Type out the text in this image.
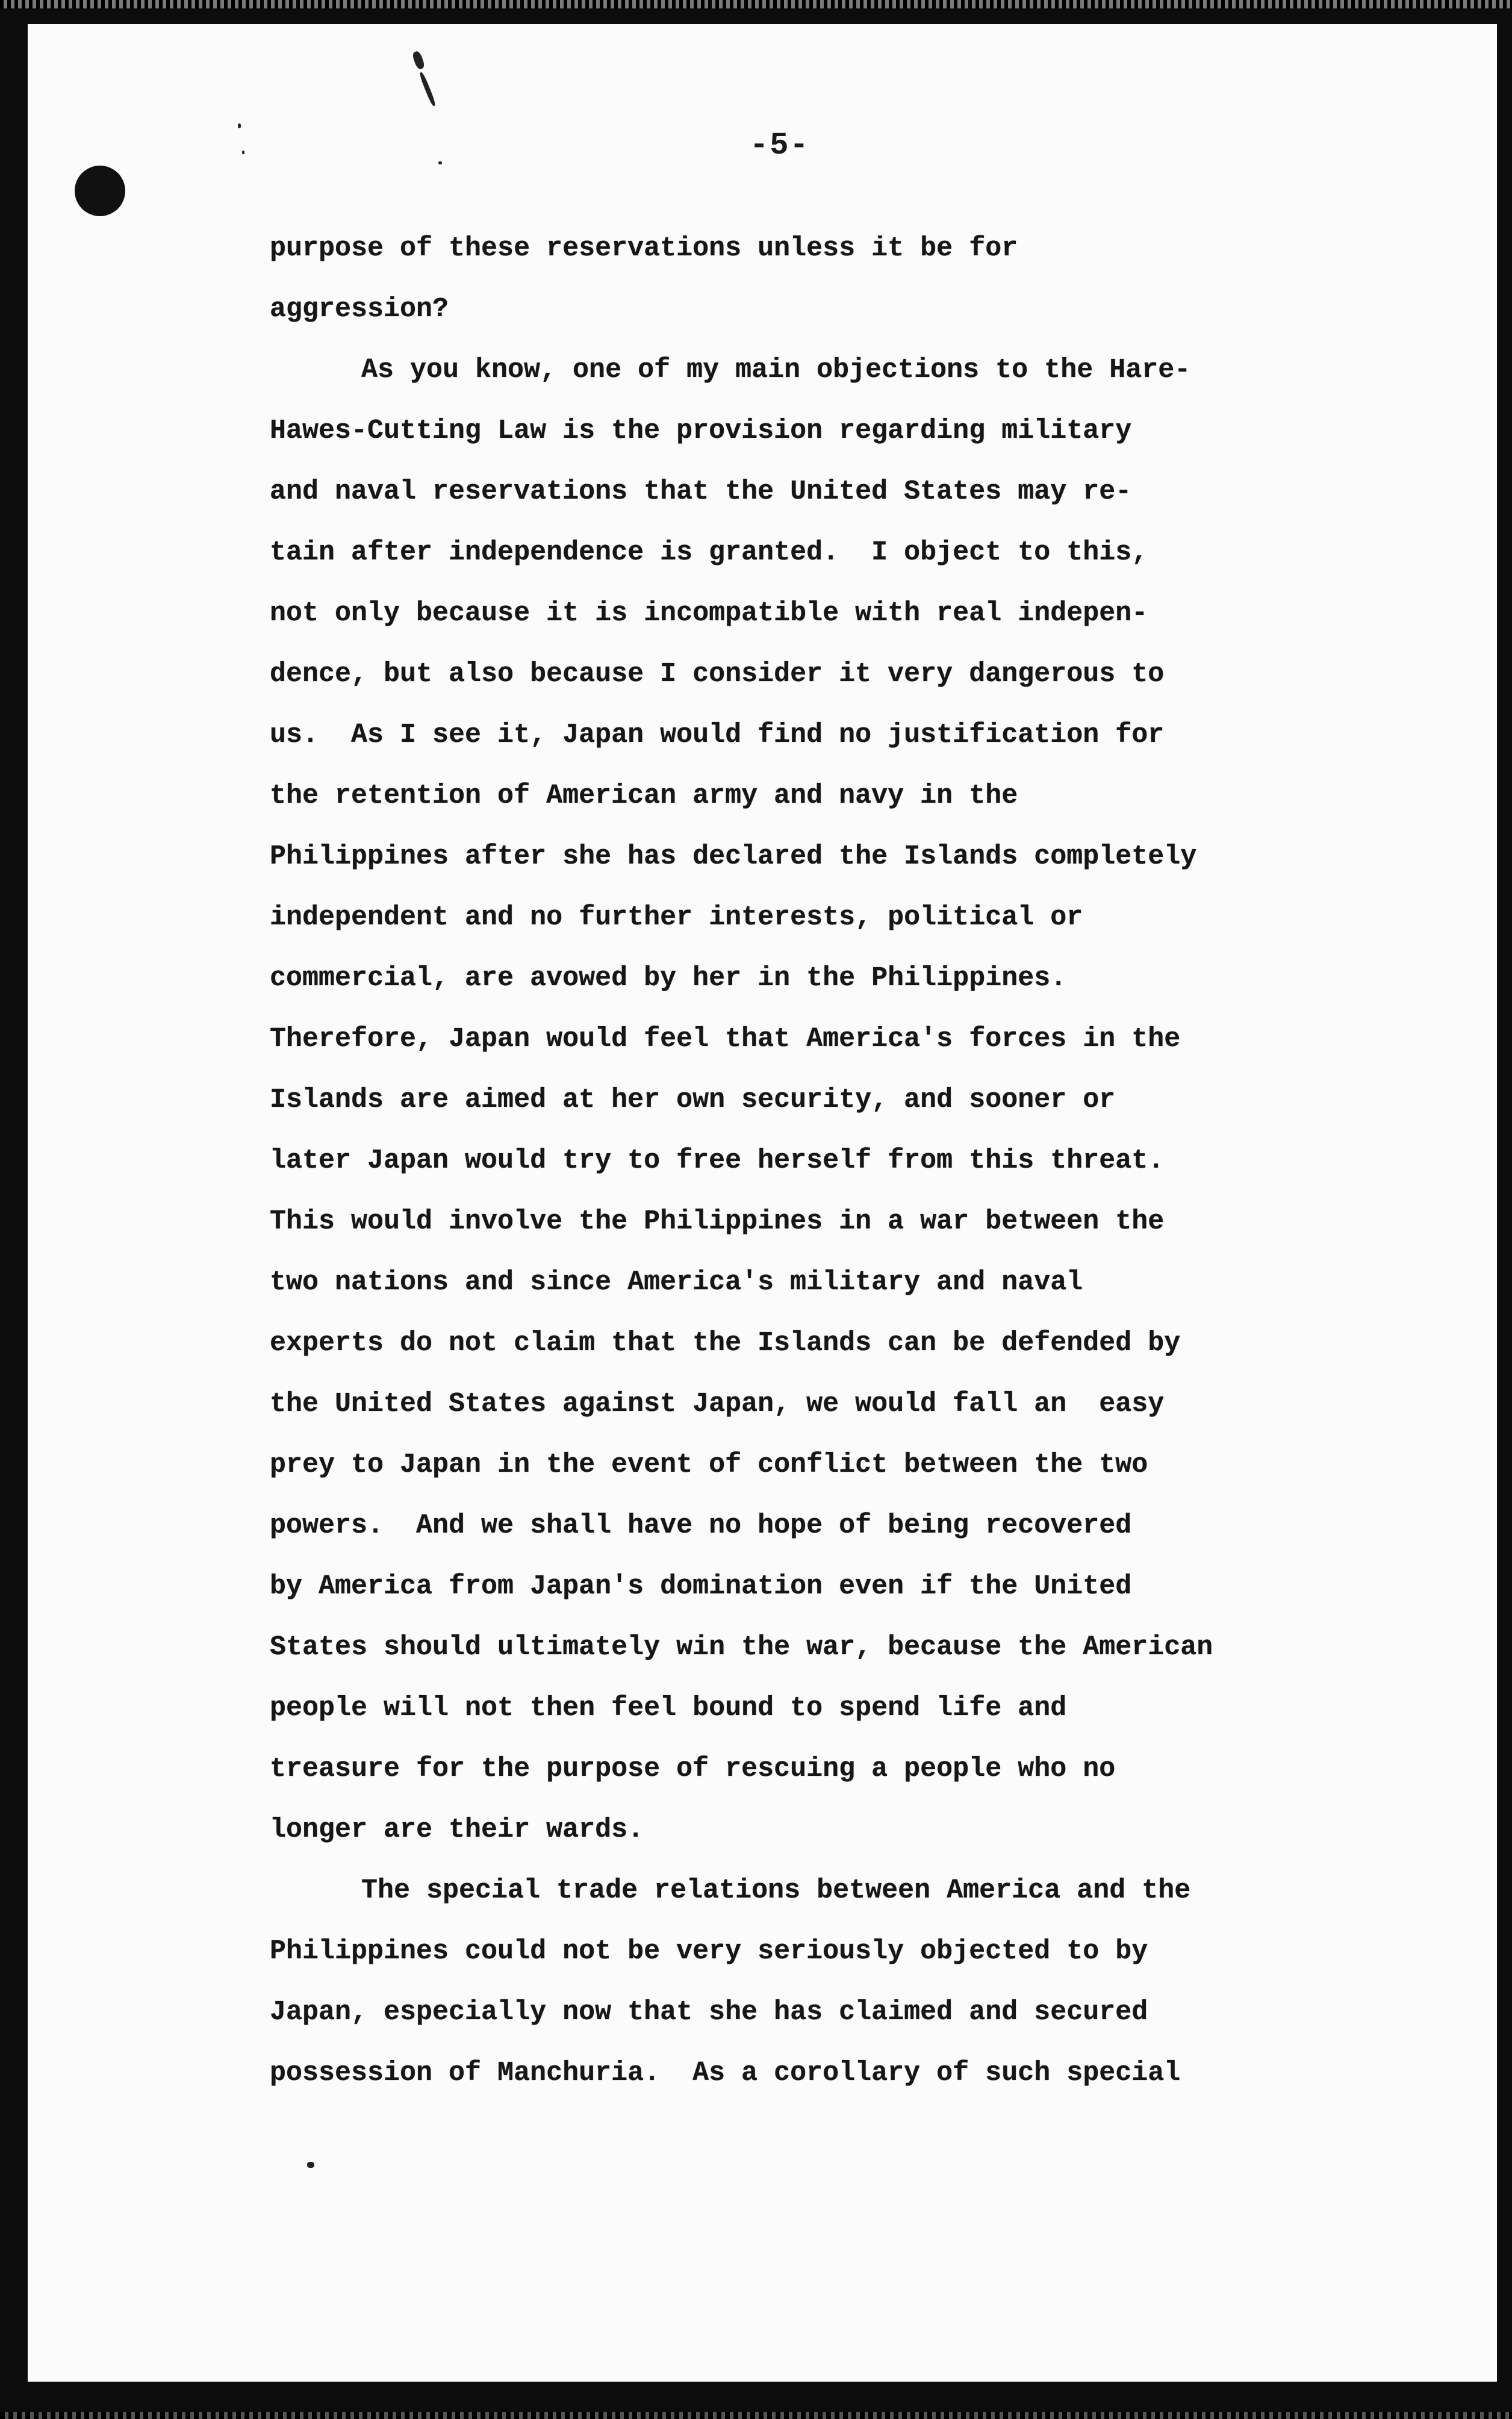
-5-
purpose of these reservations unless it be for
aggression?
As you know, one of my main objections to the Hare-
Hawes-Cutting Law is the provision regarding military
and naval reservations that the United States may re-
tain after independence is granted.  I object to this,
not only because it is incompatible with real indepen-
dence, but also because I consider it very dangerous to
us.  As I see it, Japan would find no justification for
the retention of American army and navy in the
Philippines after she has declared the Islands completely
independent and no further interests, political or
commercial, are avowed by her in the Philippines.
Therefore, Japan would feel that America's forces in the
Islands are aimed at her own security, and sooner or
later Japan would try to free herself from this threat.
This would involve the Philippines in a war between the
two nations and since America's military and naval
experts do not claim that the Islands can be defended by
the United States against Japan, we would fall an  easy
prey to Japan in the event of conflict between the two
powers.  And we shall have no hope of being recovered
by America from Japan's domination even if the United
States should ultimately win the war, because the American
people will not then feel bound to spend life and
treasure for the purpose of rescuing a people who no
longer are their wards.
The special trade relations between America and the
Philippines could not be very seriously objected to by
Japan, especially now that she has claimed and secured
possession of Manchuria.  As a corollary of such special
